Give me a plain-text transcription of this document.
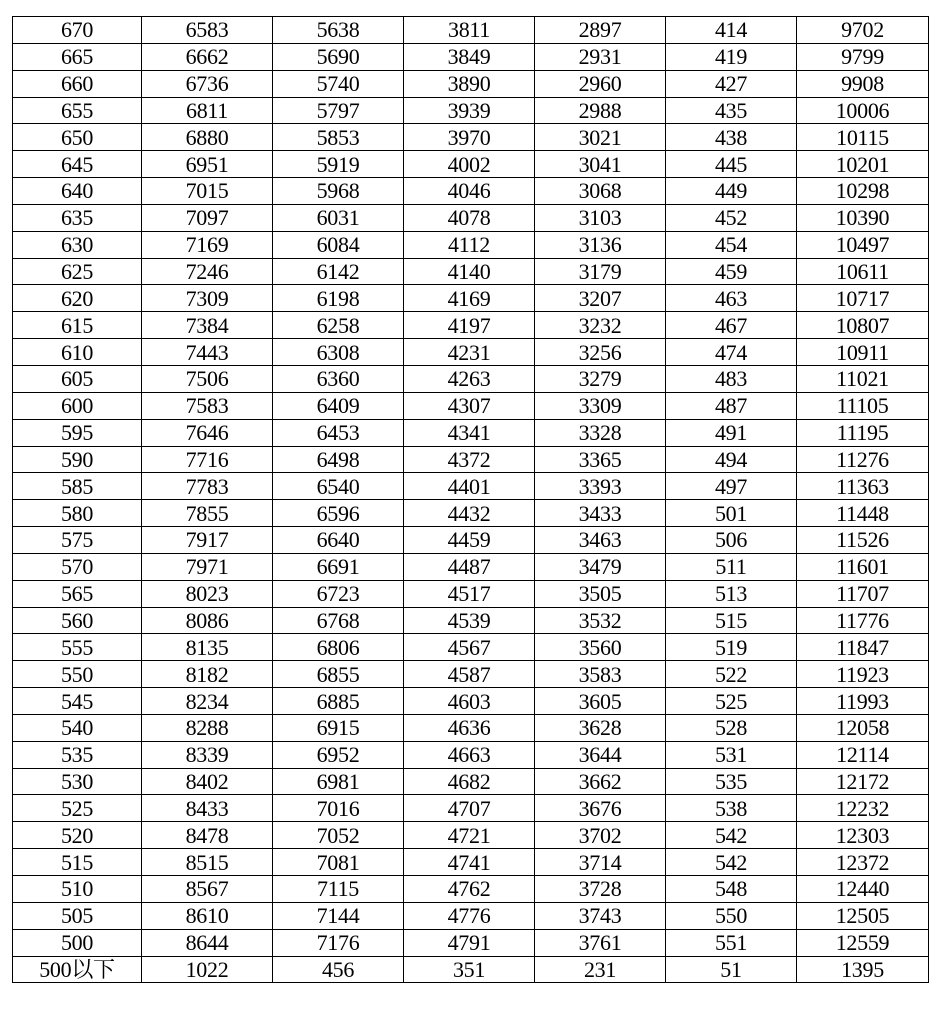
670	6583	5638	3811	2897	414	9702
665	6662	5690	3849	2931	419	9799
660	6736	5740	3890	2960	427	9908
655	6811	5797	3939	2988	435	10006
650	6880	5853	3970	3021	438	10115
645	6951	5919	4002	3041	445	10201
640	7015	5968	4046	3068	449	10298
635	7097	6031	4078	3103	452	10390
630	7169	6084	4112	3136	454	10497
625	7246	6142	4140	3179	459	10611
620	7309	6198	4169	3207	463	10717
615	7384	6258	4197	3232	467	10807
610	7443	6308	4231	3256	474	10911
605	7506	6360	4263	3279	483	11021
600	7583	6409	4307	3309	487	11105
595	7646	6453	4341	3328	491	11195
590	7716	6498	4372	3365	494	11276
585	7783	6540	4401	3393	497	11363
580	7855	6596	4432	3433	501	11448
575	7917	6640	4459	3463	506	11526
570	7971	6691	4487	3479	511	11601
565	8023	6723	4517	3505	513	11707
560	8086	6768	4539	3532	515	11776
555	8135	6806	4567	3560	519	11847
550	8182	6855	4587	3583	522	11923
545	8234	6885	4603	3605	525	11993
540	8288	6915	4636	3628	528	12058
535	8339	6952	4663	3644	531	12114
530	8402	6981	4682	3662	535	12172
525	8433	7016	4707	3676	538	12232
520	8478	7052	4721	3702	542	12303
515	8515	7081	4741	3714	542	12372
510	8567	7115	4762	3728	548	12440
505	8610	7144	4776	3743	550	12505
500	8644	7176	4791	3761	551	12559
500以下	1022	456	351	231	51	1395
